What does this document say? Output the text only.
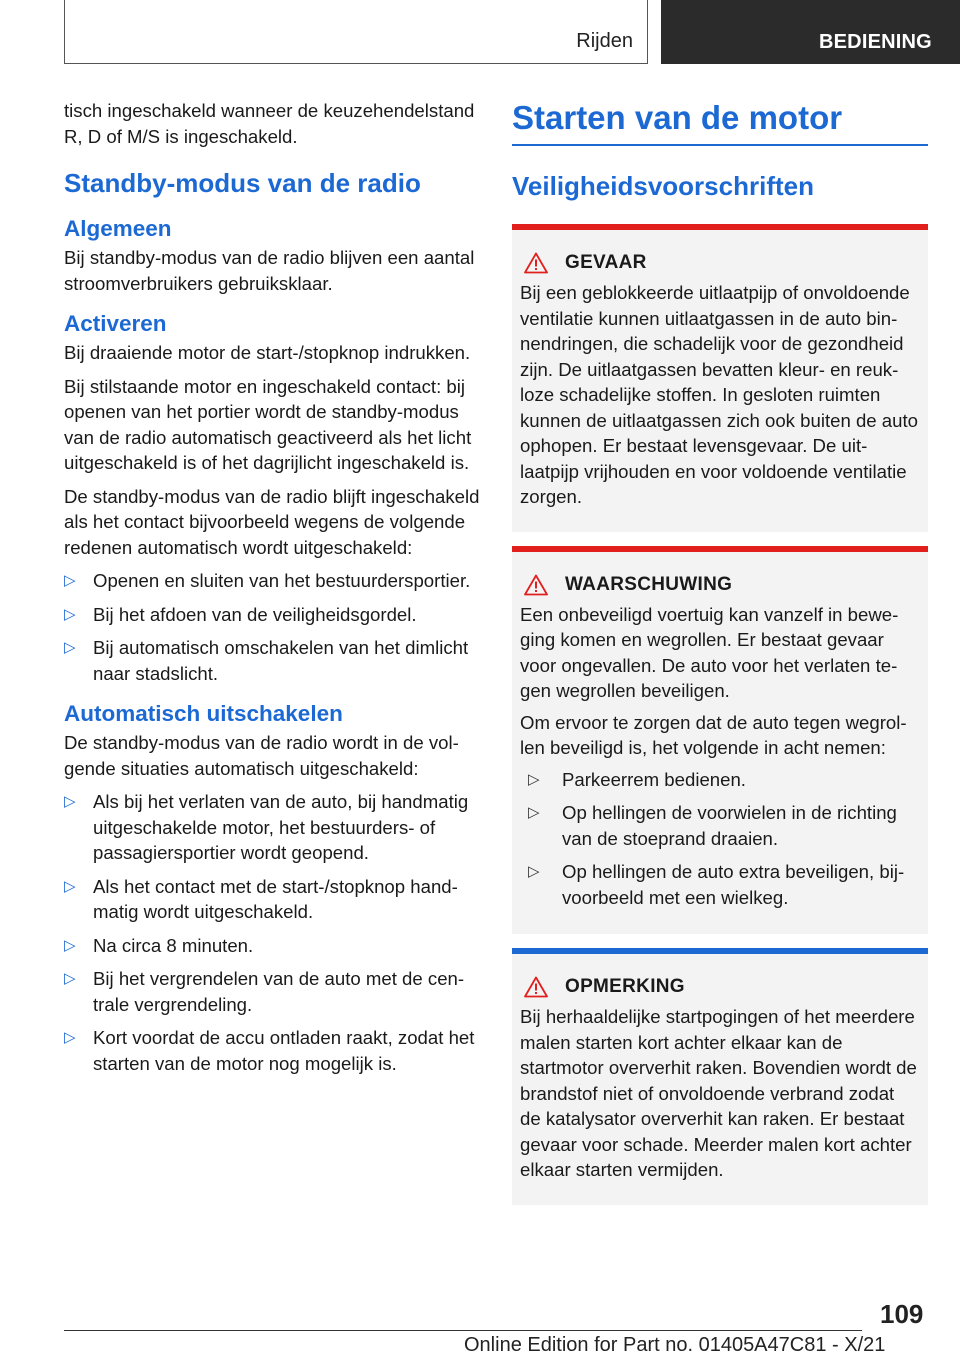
Rijden	BEDIENING

tisch ingeschakeld wanneer de keuzehendelstand R, D of M/S is ingeschakeld.

Standby-modus van de radio
Algemeen

Bij standby-modus van de radio blijven een aantal stroomverbruikers gebruiksklaar.

Activeren

Bij draaiende motor de start-/stopknop indrukken.

Bij stilstaande motor en ingeschakeld contact: bij openen van het portier wordt de standby-modus van de radio automatisch geactiveerd als het licht uitgeschakeld is of het dagrijlicht ingeschakeld is.

De standby-modus van de radio blijft ingeschakeld als het contact bijvoorbeeld wegens de volgende redenen automatisch wordt uitgeschakeld:

▷ Openen en sluiten van het bestuurdersportier.
▷ Bij het afdoen van de veiligheidsgordel.
▷ Bij automatisch omschakelen van het dimlicht naar stadslicht.
Automatisch uitschakelen

De standby-modus van de radio wordt in de volgende situaties automatisch uitgeschakeld:

▷ Als bij het verlaten van de auto, bij handmatig uitgeschakelde motor, het bestuurders- of passagiersportier wordt geopend.
▷ Als het contact met de start-/stopknop handmatig wordt uitgeschakeld.
▷ Na circa 8 minuten.
▷ Bij het vergrendelen van de auto met de centrale vergrendeling.
▷ Kort voordat de accu ontladen raakt, zodat het starten van de motor nog mogelijk is.
Starten van de motor
Veiligheidsvoorschriften
GEVAAR

Bij een geblokkeerde uitlaatpijp of onvoldoende ventilatie kunnen uitlaatgassen in de auto binnendringen, die schadelijk voor de gezondheid zijn. De uitlaatgassen bevatten kleur- en reukloze schadelijke stoffen. In gesloten ruimten kunnen de uitlaatgassen zich ook buiten de auto ophopen. Er bestaat levensgevaar. De uitlaatpijp vrijhouden en voor voldoende ventilatie zorgen.

WAARSCHUWING

Een onbeveiligd voertuig kan vanzelf in beweging komen en wegrollen. Er bestaat gevaar voor ongevallen. De auto voor het verlaten tegen wegrollen beveiligen.

Om ervoor te zorgen dat de auto tegen wegrollen beveiligd is, het volgende in acht nemen:

▷ Parkeerrem bedienen.
▷ Op hellingen de voorwielen in de richting van de stoeprand draaien.
▷ Op hellingen de auto extra beveiligen, bijvoorbeeld met een wielkeg.
OPMERKING

Bij herhaaldelijke startpogingen of het meerdere malen starten kort achter elkaar kan de startmotor oververhit raken. Bovendien wordt de brandstof niet of onvoldoende verbrand zodat de katalysator oververhit kan raken. Er bestaat gevaar voor schade. Meerder malen kort achter elkaar starten vermijden.

109
Online Edition for Part no. 01405A47C81 - X/21
